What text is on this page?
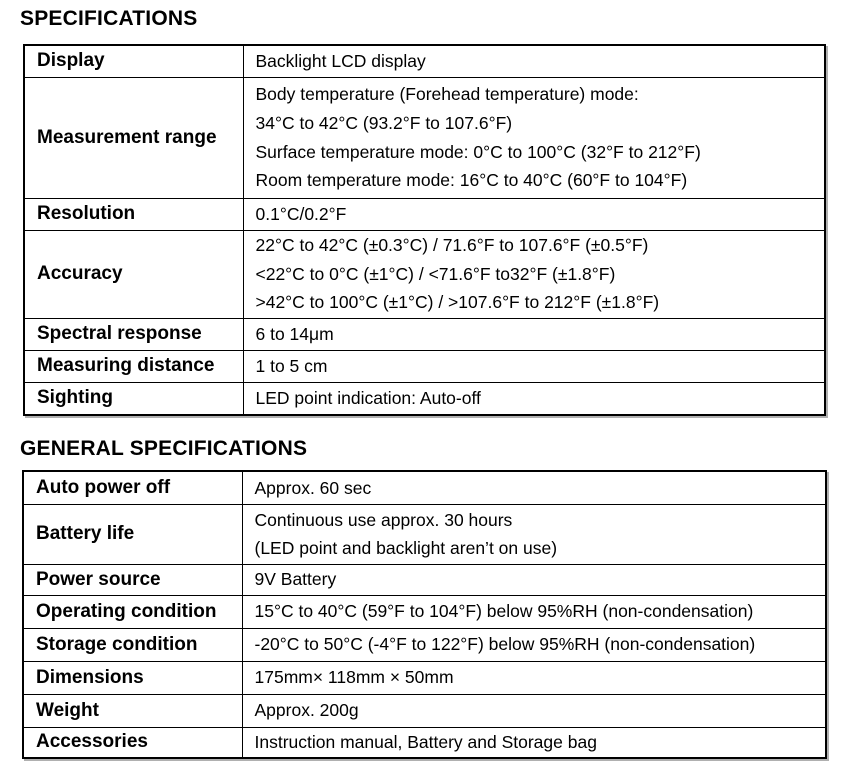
SPECIFICATIONS
Display	Backlight LCD display

Measurement range	Body temperature (Forehead temperature) mode:
34°C to 42°C (93.2°F to 107.6°F)
Surface temperature mode: 0°C to 100°C (32°F to 212°F)
Room temperature mode: 16°C to 40°C (60°F to 104°F)

Resolution	0.1°C/0.2°F

Accuracy	22°C to 42°C (±0.3°C) / 71.6°F to 107.6°F (±0.5°F)
<22°C to 0°C (±1°C) / <71.6°F to32°F (±1.8°F)
>42°C to 100°C (±1°C) / >107.6°F to 212°F (±1.8°F)

Spectral response	6 to 14μm

Measuring distance	1 to 5 cm

Sighting	LED point indication: Auto-off
GENERAL SPECIFICATIONS
Auto power off	Approx. 60 sec

Battery life	Continuous use approx. 30 hours
(LED point and backlight aren’t on use)

Power source	9V Battery

Operating condition	15°C to 40°C (59°F to 104°F) below 95%RH (non-condensation)

Storage condition	-20°C to 50°C (-4°F to 122°F) below 95%RH (non-condensation)

Dimensions	175mm× 118mm × 50mm

Weight	Approx. 200g

Accessories	Instruction manual, Battery and Storage bag
